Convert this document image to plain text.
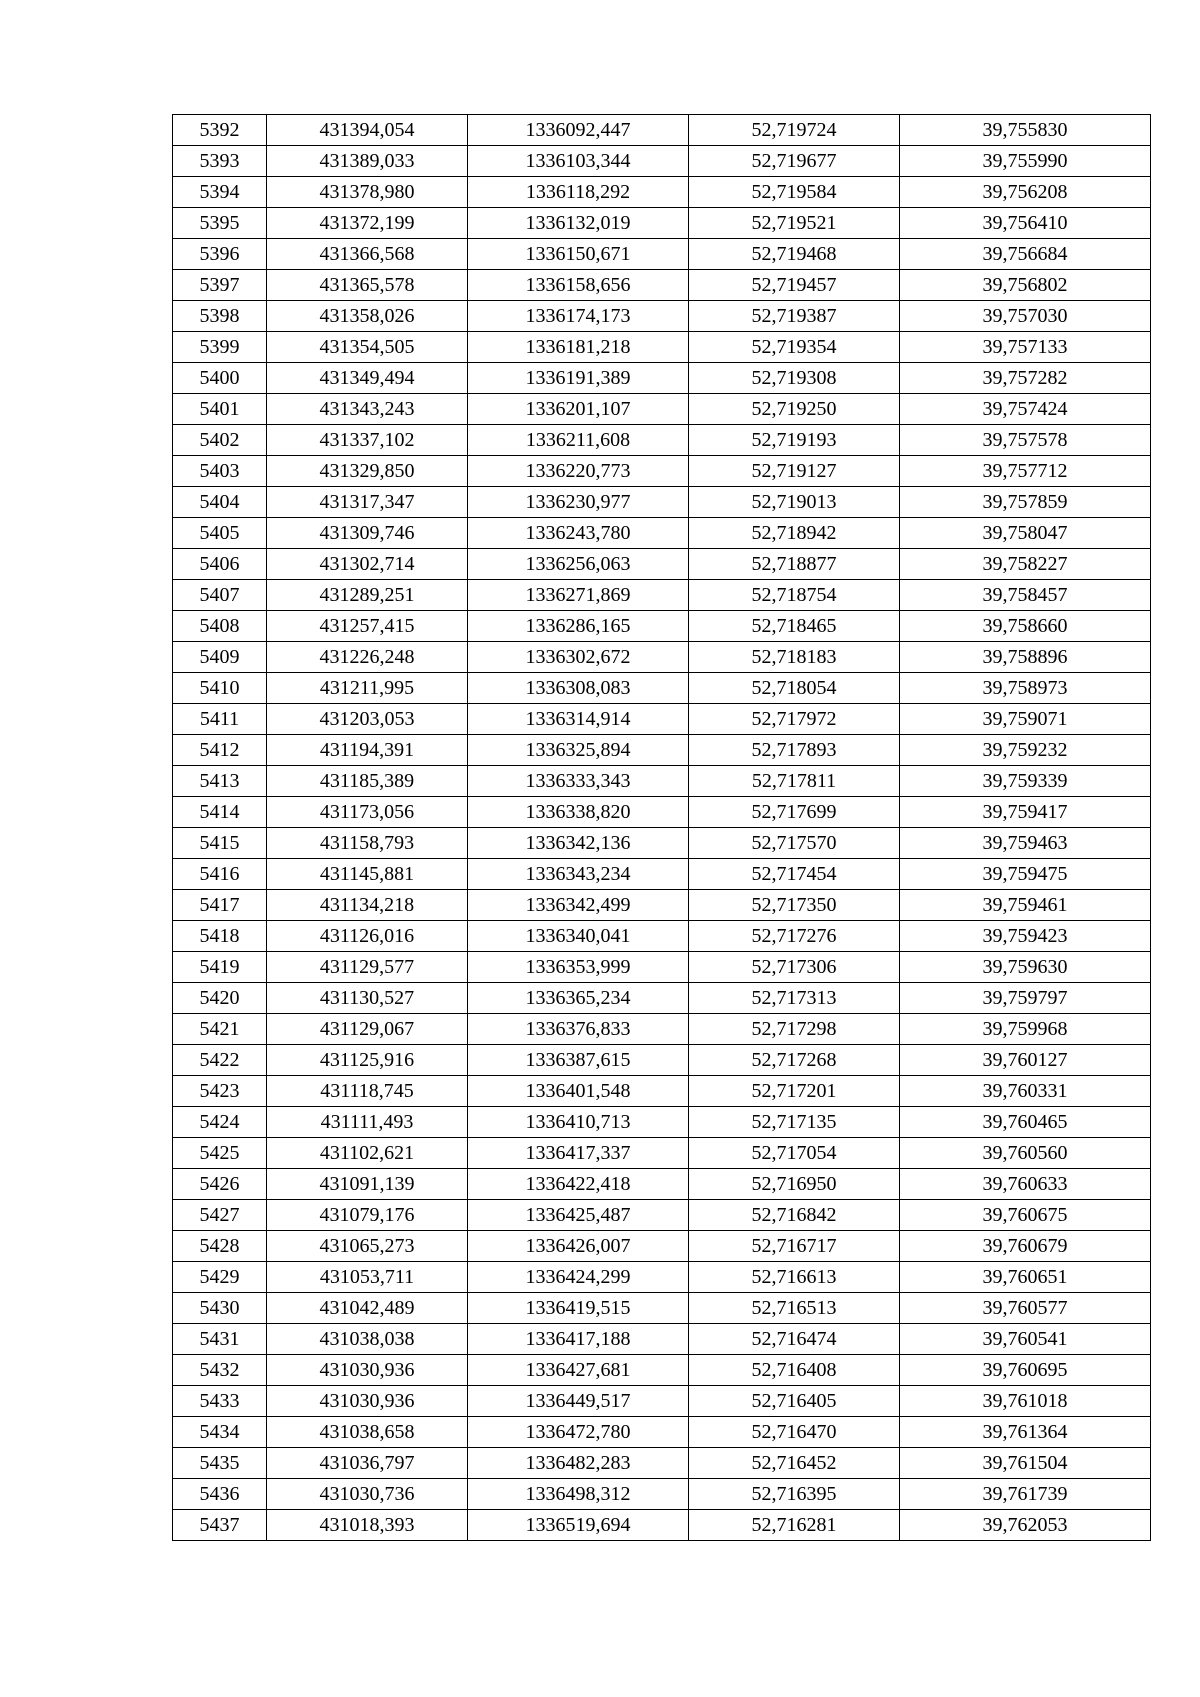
5392	431394,054	1336092,447	52,719724	39,755830
5393	431389,033	1336103,344	52,719677	39,755990
5394	431378,980	1336118,292	52,719584	39,756208
5395	431372,199	1336132,019	52,719521	39,756410
5396	431366,568	1336150,671	52,719468	39,756684
5397	431365,578	1336158,656	52,719457	39,756802
5398	431358,026	1336174,173	52,719387	39,757030
5399	431354,505	1336181,218	52,719354	39,757133
5400	431349,494	1336191,389	52,719308	39,757282
5401	431343,243	1336201,107	52,719250	39,757424
5402	431337,102	1336211,608	52,719193	39,757578
5403	431329,850	1336220,773	52,719127	39,757712
5404	431317,347	1336230,977	52,719013	39,757859
5405	431309,746	1336243,780	52,718942	39,758047
5406	431302,714	1336256,063	52,718877	39,758227
5407	431289,251	1336271,869	52,718754	39,758457
5408	431257,415	1336286,165	52,718465	39,758660
5409	431226,248	1336302,672	52,718183	39,758896
5410	431211,995	1336308,083	52,718054	39,758973
5411	431203,053	1336314,914	52,717972	39,759071
5412	431194,391	1336325,894	52,717893	39,759232
5413	431185,389	1336333,343	52,717811	39,759339
5414	431173,056	1336338,820	52,717699	39,759417
5415	431158,793	1336342,136	52,717570	39,759463
5416	431145,881	1336343,234	52,717454	39,759475
5417	431134,218	1336342,499	52,717350	39,759461
5418	431126,016	1336340,041	52,717276	39,759423
5419	431129,577	1336353,999	52,717306	39,759630
5420	431130,527	1336365,234	52,717313	39,759797
5421	431129,067	1336376,833	52,717298	39,759968
5422	431125,916	1336387,615	52,717268	39,760127
5423	431118,745	1336401,548	52,717201	39,760331
5424	431111,493	1336410,713	52,717135	39,760465
5425	431102,621	1336417,337	52,717054	39,760560
5426	431091,139	1336422,418	52,716950	39,760633
5427	431079,176	1336425,487	52,716842	39,760675
5428	431065,273	1336426,007	52,716717	39,760679
5429	431053,711	1336424,299	52,716613	39,760651
5430	431042,489	1336419,515	52,716513	39,760577
5431	431038,038	1336417,188	52,716474	39,760541
5432	431030,936	1336427,681	52,716408	39,760695
5433	431030,936	1336449,517	52,716405	39,761018
5434	431038,658	1336472,780	52,716470	39,761364
5435	431036,797	1336482,283	52,716452	39,761504
5436	431030,736	1336498,312	52,716395	39,761739
5437	431018,393	1336519,694	52,716281	39,762053
